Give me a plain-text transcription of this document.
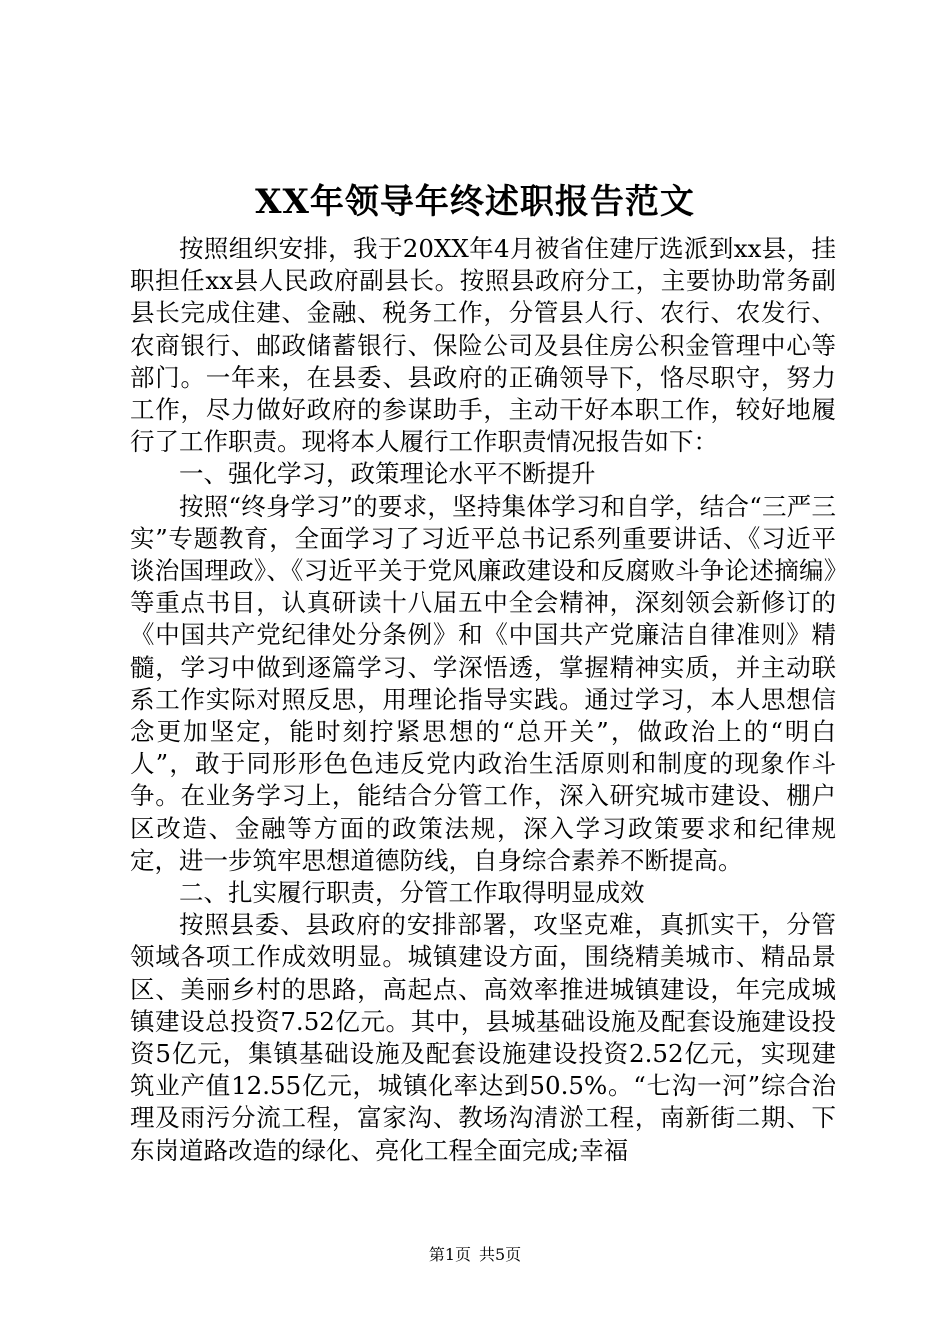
XX年领导年终述职报告范文

按照组织安排，我于20XX年4月被省住建厅选派到xx县，挂职担任xx县人民政府副县长。按照县政府分工，主要协助常务副县长完成住建、金融、税务工作，分管县人行、农行、农发行、农商银行、邮政储蓄银行、保险公司及县住房公积金管理中心等部门。一年来，在县委、县政府的正确领导下，恪尽职守，努力工作，尽力做好政府的参谋助手，主动干好本职工作，较好地履行了工作职责。现将本人履行工作职责情况报告如下：

一、强化学习，政策理论水平不断提升

按照“终身学习”的要求，坚持集体学习和自学，结合“三严三实”专题教育，全面学习了习近平总书记系列重要讲话、《习近平谈治国理政》、《习近平关于党风廉政建设和反腐败斗争论述摘编》等重点书目，认真研读十八届五中全会精神，深刻领会新修订的《中国共产党纪律处分条例》和《中国共产党廉洁自律准则》精髓，学习中做到逐篇学习、学深悟透，掌握精神实质，并主动联系工作实际对照反思，用理论指导实践。通过学习，本人思想信念更加坚定，能时刻拧紧思想的“总开关”，做政治上的“明白人”，敢于同形形色色违反党内政治生活原则和制度的现象作斗争。在业务学习上，能结合分管工作，深入研究城市建设、棚户区改造、金融等方面的政策法规，深入学习政策要求和纪律规定，进一步筑牢思想道德防线，自身综合素养不断提高。

二、扎实履行职责，分管工作取得明显成效

按照县委、县政府的安排部署，攻坚克难，真抓实干，分管领域各项工作成效明显。城镇建设方面，围绕精美城市、精品景区、美丽乡村的思路，高起点、高效率推进城镇建设，年完成城镇建设总投资7.52亿元。其中，县城基础设施及配套设施建设投资5亿元，集镇基础设施及配套设施建设投资2.52亿元，实现建筑业产值12.55亿元，城镇化率达到50.5%。“七沟一河”综合治理及雨污分流工程，富家沟、教场沟清淤工程，南新街二期、下东岗道路改造的绿化、亮化工程全面完成;幸福

第1页 共5页
